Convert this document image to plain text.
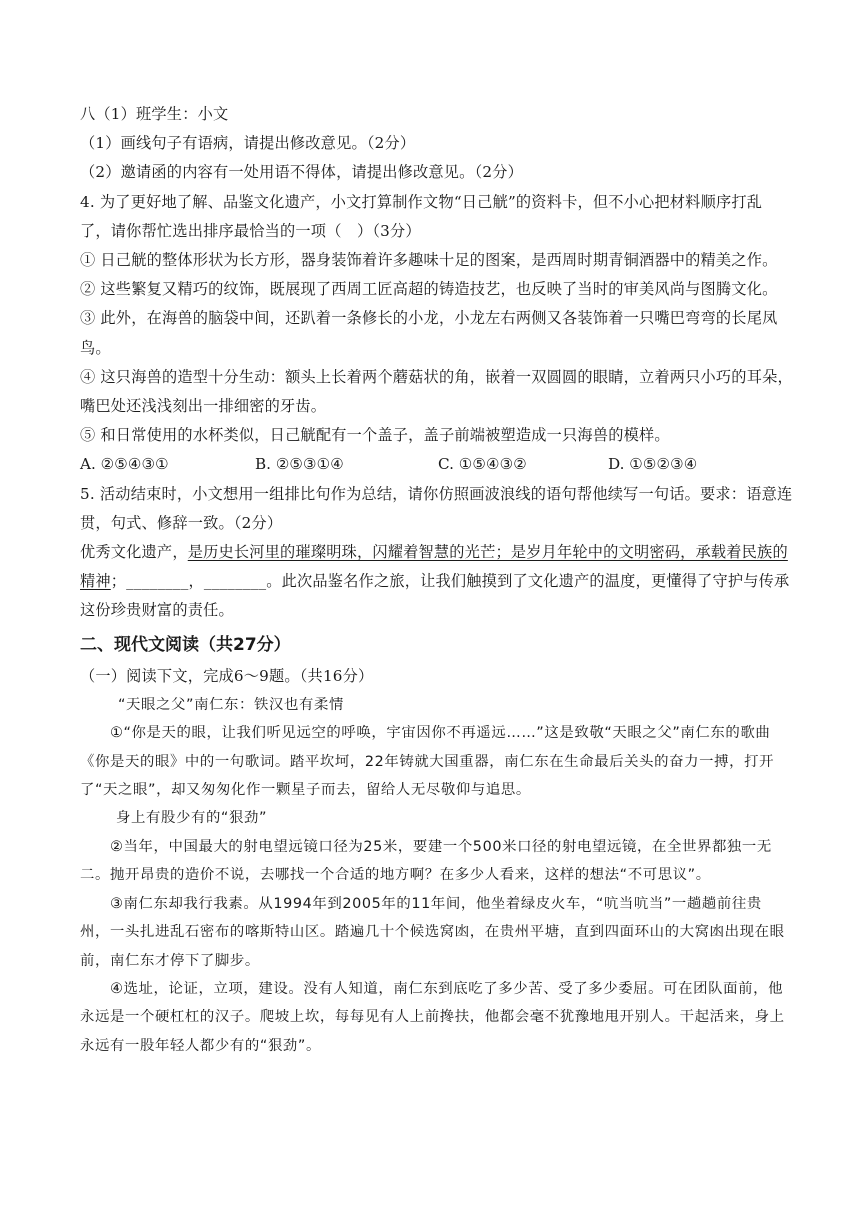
八（1）班学生：小文
（1）画线句子有语病，请提出修改意见。（2分）
（2）邀请函的内容有一处用语不得体，请提出修改意见。（2分）
4. 为了更好地了解、品鉴文化遗产，小文打算制作文物“日己觥”的资料卡，但不小心把材料顺序打乱
了，请你帮忙选出排序最恰当的一项（　）（3分）
① 日己觥的整体形状为长方形，器身装饰着许多趣味十足的图案，是西周时期青铜酒器中的精美之作。
② 这些繁复又精巧的纹饰，既展现了西周工匠高超的铸造技艺，也反映了当时的审美风尚与图腾文化。
③ 此外，在海兽的脑袋中间，还趴着一条修长的小龙，小龙左右两侧又各装饰着一只嘴巴弯弯的长尾凤
鸟。
④ 这只海兽的造型十分生动：额头上长着两个蘑菇状的角，嵌着一双圆圆的眼睛，立着两只小巧的耳朵，
嘴巴处还浅浅刻出一排细密的牙齿。
⑤ 和日常使用的水杯类似，日己觥配有一个盖子，盖子前端被塑造成一只海兽的模样。
A. ②⑤④③①	B. ②⑤③①④	C. ①⑤④③②	D. ①⑤②③④
5. 活动结束时，小文想用一组排比句作为总结，请你仿照画波浪线的语句帮他续写一句话。要求：语意连
贯，句式、修辞一致。（2分）
优秀文化遗产，是历史长河里的璀璨明珠，闪耀着智慧的光芒；是岁月年轮中的文明密码，承载着民族的
精神；________，________。此次品鉴名作之旅，让我们触摸到了文化遗产的温度，更懂得了守护与传承
这份珍贵财富的责任。
二、现代文阅读（共27分）
（一）阅读下文，完成6～9题。（共16分）
“天眼之父”南仁东：铁汉也有柔情
①“你是天的眼，让我们听见远空的呼唤，宇宙因你不再遥远……”这是致敬“天眼之父”南仁东的歌曲《你是天的眼》中的一句歌词。踏平坎坷，22年铸就大国重器，南仁东在生命最后关头的奋力一搏，打开了“天之眼”，却又匆匆化作一颗星子而去，留给人无尽敬仰与追思。
身上有股少有的“狠劲”
②当年，中国最大的射电望远镜口径为25米，要建一个500米口径的射电望远镜，在全世界都独一无二。抛开昂贵的造价不说，去哪找一个合适的地方啊？在多少人看来，这样的想法“不可思议”。
③南仁东却我行我素。从1994年到2005年的11年间，他坐着绿皮火车，“吭当吭当”一趟趟前往贵州，一头扎进乱石密布的喀斯特山区。踏遍几十个候选窝凼，在贵州平塘，直到四面环山的大窝凼出现在眼前，南仁东才停下了脚步。
④选址，论证，立项，建设。没有人知道，南仁东到底吃了多少苦、受了多少委屈。可在团队面前，他永远是一个硬杠杠的汉子。爬坡上坎，每每见有人上前搀扶，他都会毫不犹豫地甩开别人。干起活来，身上永远有一股年轻人都少有的“狠劲”。
